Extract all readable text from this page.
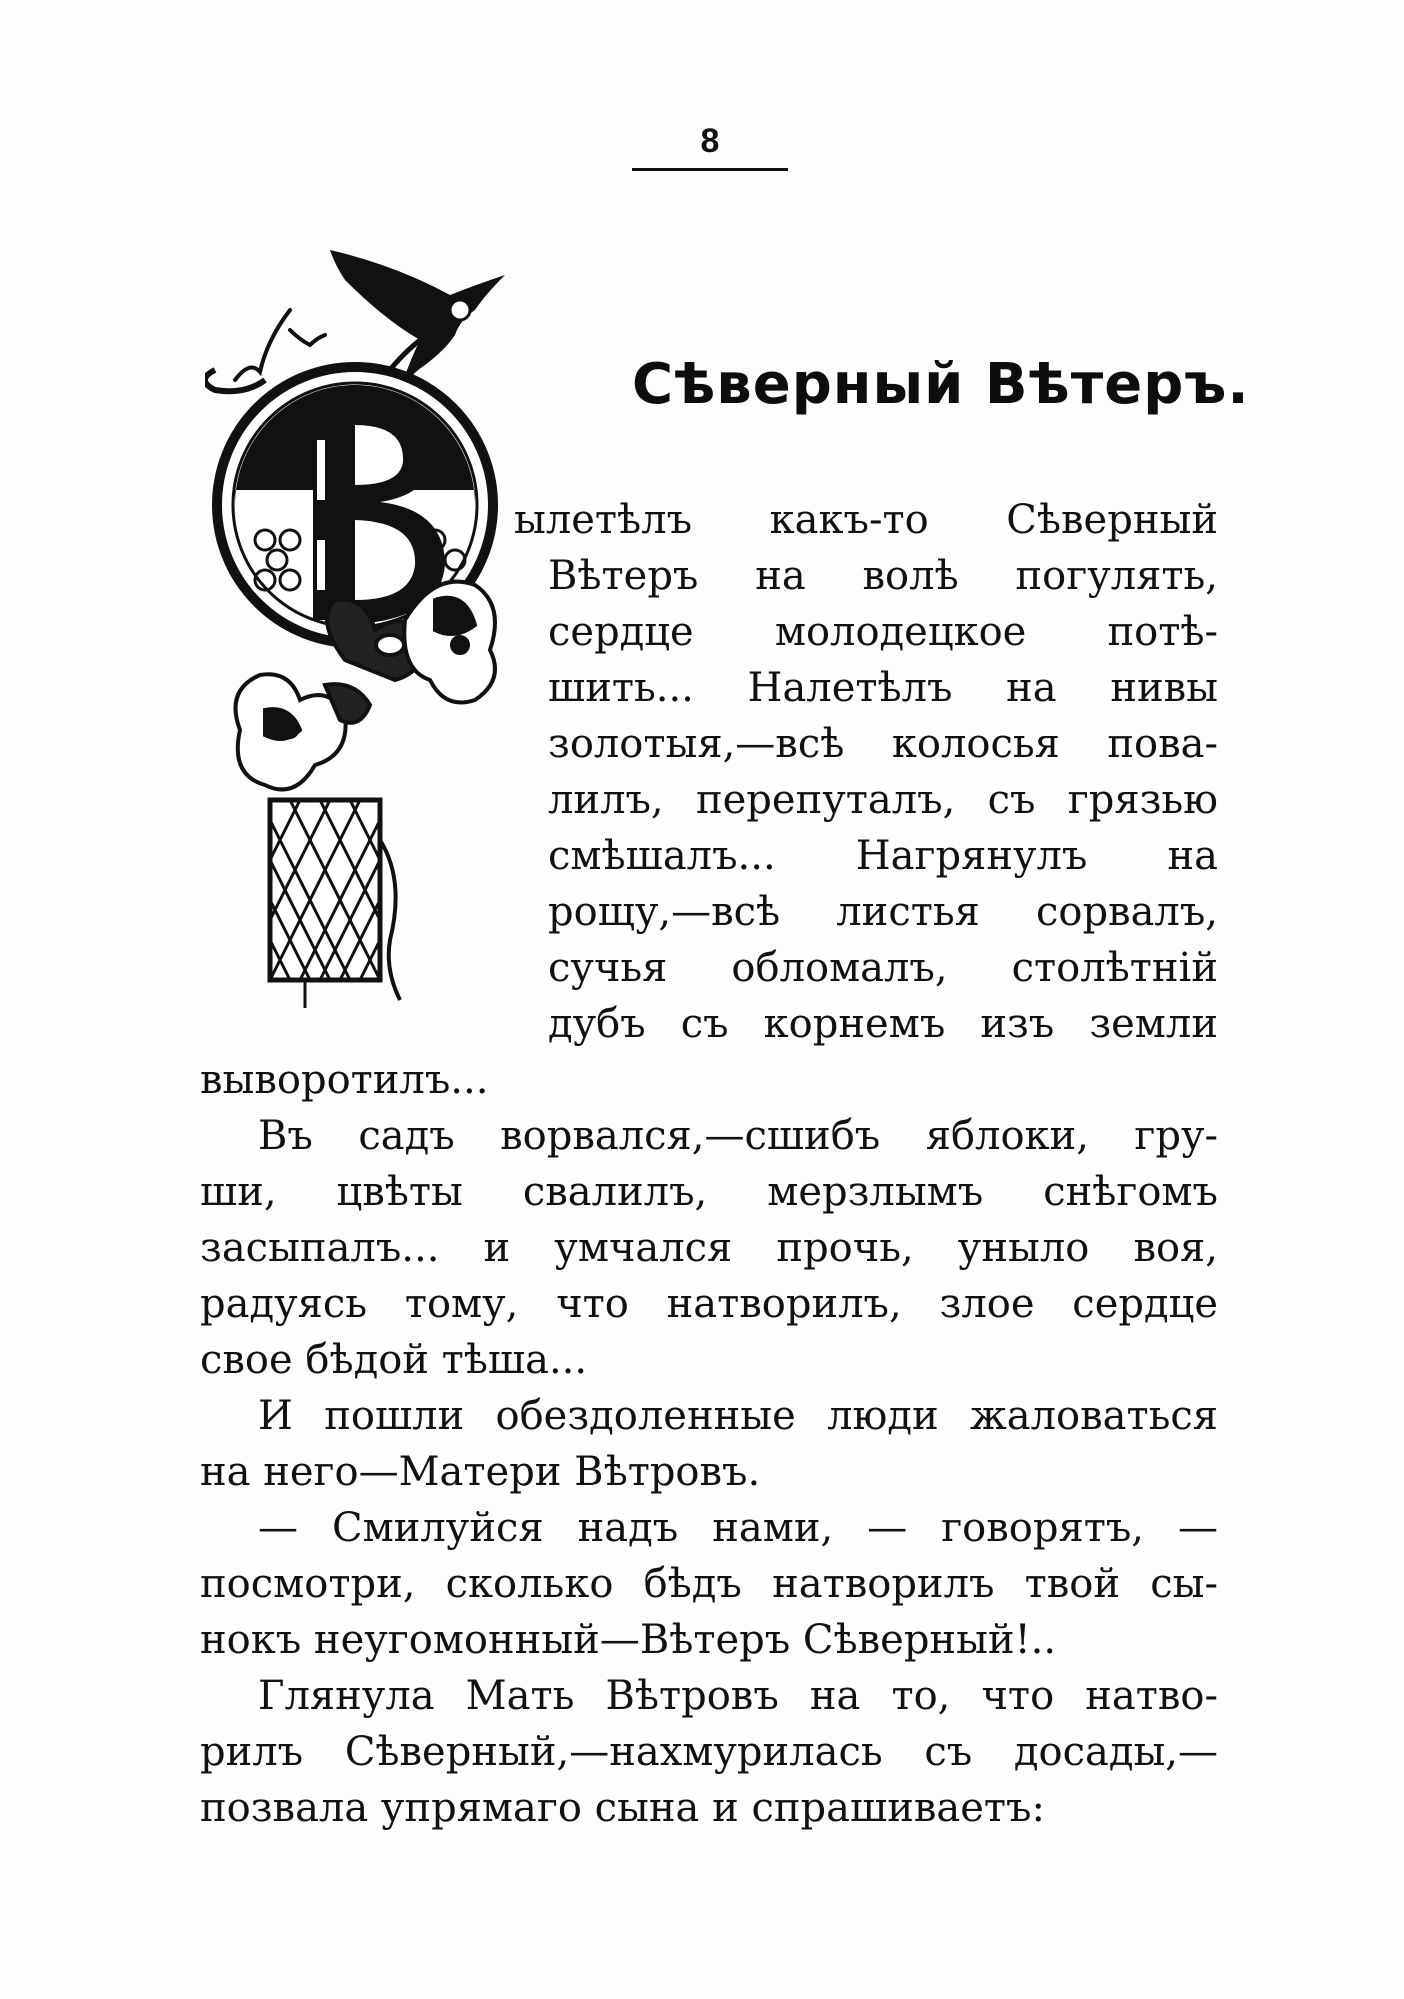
8
Сѣверный Вѣтеръ.

ылетѣлъ какъ-то Сѣверный

Вѣтеръ на волѣ погулять,

сердце молодецкое потѣ-

шить... Налетѣлъ на нивы

золотыя,—всѣ колосья пова-

лилъ, перепуталъ, съ грязью

смѣшалъ... Нагрянулъ на

рощу,—всѣ листья сорвалъ,

сучья обломалъ, столѣтнiй

дубъ съ корнемъ изъ земли

выворотилъ...

Въ садъ ворвался,—сшибъ яблоки, гру-

ши, цвѣты свалилъ, мерзлымъ снѣгомъ

засыпалъ... и умчался прочь, уныло воя,

радуясь тому, что натворилъ, злое сердце

свое бѣдой тѣша...

И пошли обездоленные люди жаловаться

на него—Матери Вѣтровъ.

— Смилуйся надъ нами, — говорятъ, —

посмотри, сколько бѣдъ натворилъ твой сы-

нокъ неугомонный—Вѣтеръ Сѣверный!..

Глянула Мать Вѣтровъ на то, что натво-

рилъ Сѣверный,—нахмурилась съ досады,—

позвала упрямаго сына и спрашиваетъ:
